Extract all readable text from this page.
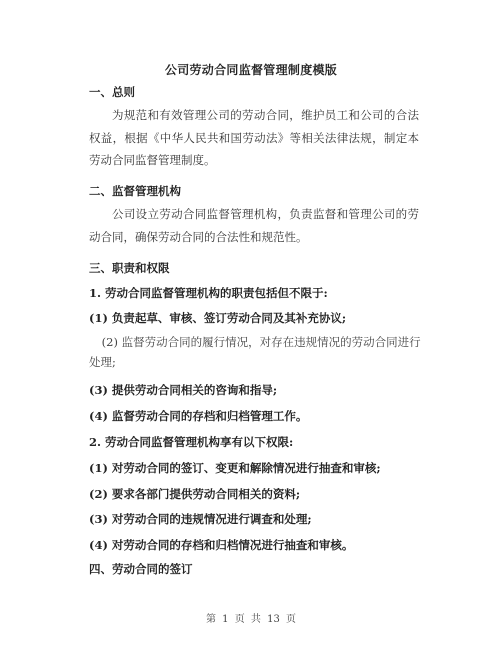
公司劳动合同监督管理制度模版
一、总则
为规范和有效管理公司的劳动合同，维护员工和公司的合法权益，根据《中华人民共和国劳动法》等相关法律法规，制定本劳动合同监督管理制度。
二、监督管理机构
公司设立劳动合同监督管理机构，负责监督和管理公司的劳动合同，确保劳动合同的合法性和规范性。
三、职责和权限
1. 劳动合同监督管理机构的职责包括但不限于:
(1) 负责起草、审核、签订劳动合同及其补充协议;
(2) 监督劳动合同的履行情况，对存在违规情况的劳动合同进行处理;
(3) 提供劳动合同相关的咨询和指导;
(4) 监督劳动合同的存档和归档管理工作。
2. 劳动合同监督管理机构享有以下权限:
(1) 对劳动合同的签订、变更和解除情况进行抽查和审核;
(2) 要求各部门提供劳动合同相关的资料;
(3) 对劳动合同的违规情况进行调查和处理;
(4) 对劳动合同的存档和归档情况进行抽查和审核。
四、劳动合同的签订
第 1 页 共 13 页
